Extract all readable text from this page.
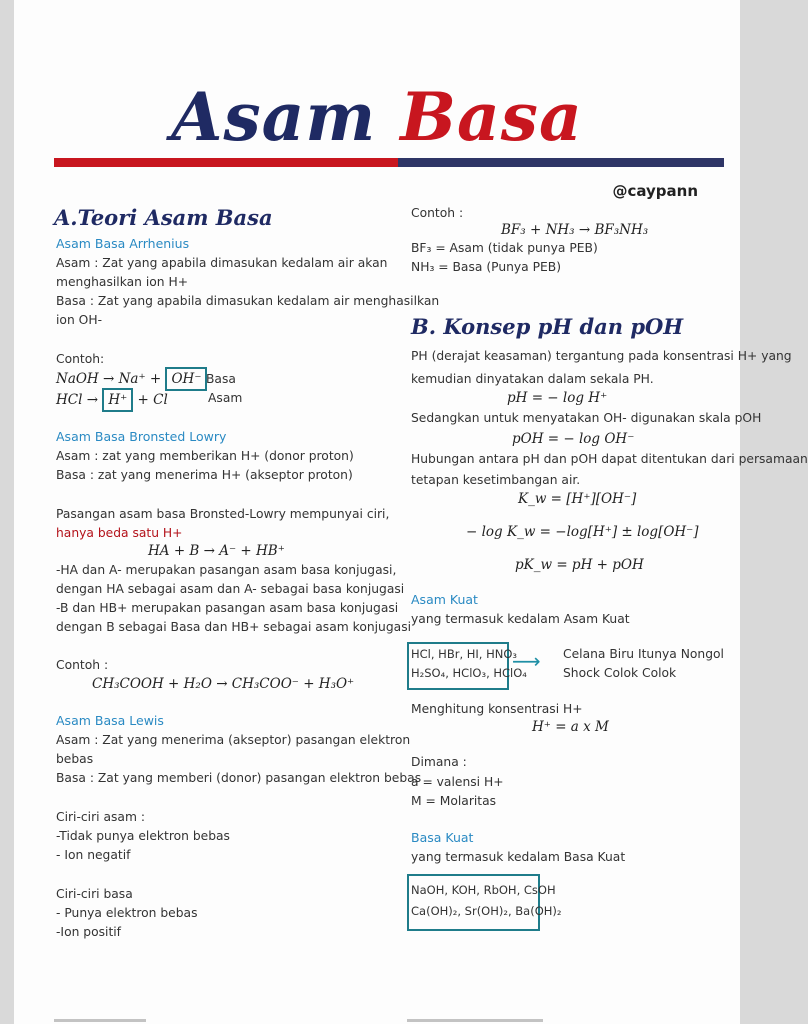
Asam Basa
@caypann
A.Teori Asam Basa
Asam Basa Arrhenius
Asam : Zat yang apabila dimasukan kedalam air akan
menghasilkan ion H+
Basa : Zat yang apabila dimasukan kedalam air menghasilkan
ion OH-
Contoh:
NaOH → Na⁺ + OH⁻ Basa
HCl → H⁺ + Cl	Asam
Asam Basa Bronsted Lowry
Asam : zat yang memberikan H+ (donor proton)
Basa : zat yang menerima H+ (akseptor proton)
Pasangan asam basa Bronsted-Lowry mempunyai ciri,
hanya beda satu H+
HA + B → A⁻ + HB⁺
-HA dan A- merupakan pasangan asam basa konjugasi,
dengan HA sebagai asam dan A- sebagai basa konjugasi
-B dan HB+ merupakan pasangan asam basa konjugasi
dengan B sebagai Basa dan HB+ sebagai asam konjugasi
Contoh :
CH₃COOH + H₂O → CH₃COO⁻ + H₃O⁺
Asam Basa Lewis
Asam : Zat yang menerima (akseptor) pasangan elektron
bebas
Basa : Zat yang memberi (donor) pasangan elektron bebas
Ciri-ciri asam :
-Tidak punya elektron bebas
- Ion negatif
Ciri-ciri basa
- Punya elektron bebas
-Ion positif
Contoh :
BF₃ + NH₃ → BF₃NH₃
BF₃ = Asam (tidak punya PEB)
NH₃ = Basa (Punya PEB)
B. Konsep pH dan pOH
PH (derajat keasaman) tergantung pada konsentrasi H+ yang
kemudian dinyatakan dalam sekala PH.
pH = − log H⁺
Sedangkan untuk menyatakan OH- digunakan skala pOH
pOH = − log OH⁻
Hubungan antara pH dan pOH dapat ditentukan dari persamaan
tetapan kesetimbangan air.
K_w = [H⁺][OH⁻]
− log K_w = −log[H⁺] ± log[OH⁻]
pK_w = pH + pOH
Asam Kuat
yang termasuk kedalam Asam Kuat
HCl, HBr, HI, HNO₃
H₂SO₄, HClO₃, HClO₄
⟶ Celana Biru Itunya Nongol
Shock Colok Colok
Menghitung konsentrasi H+
H⁺ = a x M
Dimana :
a = valensi H+
M = Molaritas
Basa Kuat
yang termasuk kedalam Basa Kuat
NaOH, KOH, RbOH, CsOH
Ca(OH)₂, Sr(OH)₂, Ba(OH)₂
